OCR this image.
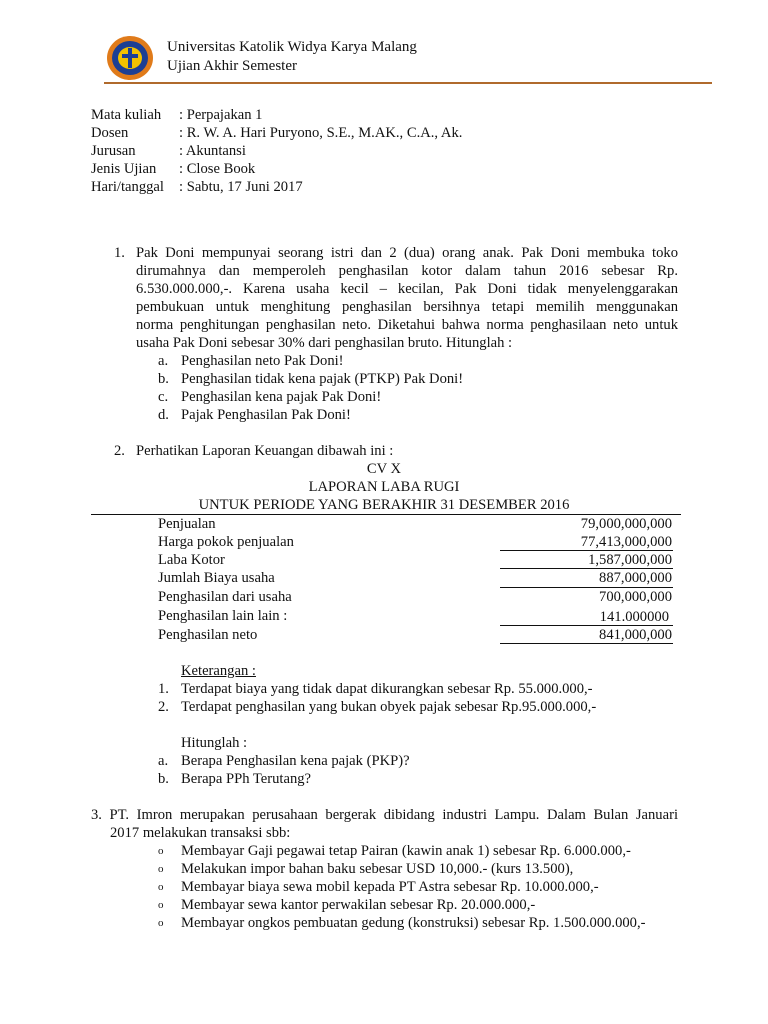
Universitas Katolik Widya Karya Malang
Ujian Akhir Semester
Mata kuliah : Perpajakan 1
Dosen	: R. W. A. Hari Puryono, S.E., M.AK., C.A., Ak.
Jurusan	: Akuntansi
Jenis Ujian : Close Book
Hari/tanggal : Sabtu, 17 Juni 2017
1. Pak Doni mempunyai seorang istri dan 2 (dua) orang anak. Pak Doni membuka toko
dirumahnya dan memperoleh penghasilan kotor dalam tahun 2016 sebesar Rp.
6.530.000.000,-. Karena usaha kecil – kecilan, Pak Doni tidak menyelenggarakan
pembukuan untuk menghitung penghasilan bersihnya tetapi memilih menggunakan
norma penghitungan penghasilan neto. Diketahui bahwa norma penghasilaan neto untuk
usaha Pak Doni sebesar 30% dari penghasilan bruto. Hitunglah :
a. Penghasilan neto Pak Doni!
b. Penghasilan tidak kena pajak (PTKP) Pak Doni!
c. Penghasilan kena pajak Pak Doni!
d. Pajak Penghasilan Pak Doni!
2. Perhatikan Laporan Keuangan dibawah ini :
CV X
LAPORAN LABA RUGI
UNTUK PERIODE YANG BERAKHIR 31 DESEMBER 2016
Penjualan	79,000,000,000
Harga pokok penjualan	77,413,000,000
Laba Kotor	1,587,000,000
Jumlah Biaya usaha	887,000,000
Penghasilan dari usaha	700,000,000
Penghasilan lain lain :	141.000000
Penghasilan neto	841,000,000
Keterangan :
1. Terdapat biaya yang tidak dapat dikurangkan sebesar Rp. 55.000.000,-
2. Terdapat penghasilan yang bukan obyek pajak sebesar Rp.95.000.000,-
Hitunglah :
a. Berapa Penghasilan kena pajak (PKP)?
b. Berapa PPh Terutang?
3. PT. Imron merupakan perusahaan bergerak dibidang industri Lampu. Dalam Bulan Januari
2017 melakukan transaksi sbb:
o Membayar Gaji pegawai tetap Pairan (kawin anak 1) sebesar Rp. 6.000.000,-
o Melakukan impor bahan baku sebesar USD 10,000.- (kurs 13.500),
o Membayar biaya sewa mobil kepada PT Astra sebesar Rp. 10.000.000,-
o Membayar sewa kantor perwakilan sebesar Rp. 20.000.000,-
o Membayar ongkos pembuatan gedung (konstruksi) sebesar Rp. 1.500.000.000,-
